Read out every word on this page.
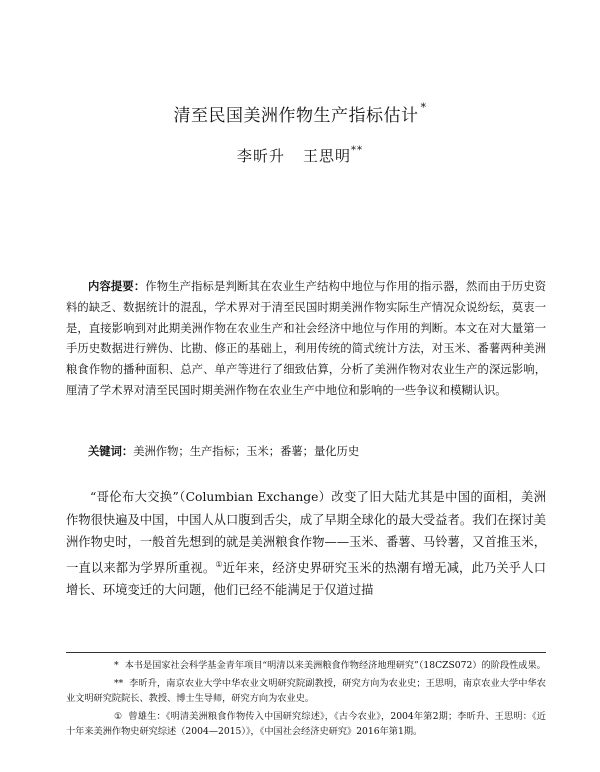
清至民国美洲作物生产指标估计 *
李昕升 王思明**
内容提要：作物生产指标是判断其在农业生产结构中地位与作用的指示器，然而由于历史资料的缺乏、数据统计的混乱，学术界对于清至民国时期美洲作物实际生产情况众说纷纭，莫衷一是，直接影响到对此期美洲作物在农业生产和社会经济中地位与作用的判断。本文在对大量第一手历史数据进行辨伪、比勘、修正的基础上，利用传统的简式统计方法，对玉米、番薯两种美洲粮食作物的播种面积、总产、单产等进行了细致估算，分析了美洲作物对农业生产的深远影响，厘清了学术界对清至民国时期美洲作物在农业生产中地位和影响的一些争议和模糊认识。
关键词：美洲作物；生产指标；玉米；番薯；量化历史
“哥伦布大交换”（Columbian Exchange）改变了旧大陆尤其是中国的面相，美洲作物很快遍及中国，中国人从口腹到舌尖，成了早期全球化的最大受益者。我们在探讨美洲作物史时，一般首先想到的就是美洲粮食作物——玉米、番薯、马铃薯，又首推玉米，一直以来都为学界所重视。①近年来，经济史界研究玉米的热潮有增无减，此乃关乎人口增长、环境变迁的大问题，他们已经不能满足于仅道过描

* 本书是国家社会科学基金青年项目“明清以来美洲粮食作物经济地理研究”（18CZS072）的阶段性成果。

** 李昕升，南京农业大学中华农业文明研究院副教授，研究方向为农业史；王思明，南京农业大学中华农业文明研究院院长、教授、博士生导师，研究方向为农业史。

① 曾雄生：《明清美洲粮食作物传入中国研究综述》，《古今农业》，2004年第2期；李昕升、王思明：《近十年来美洲作物史研究综述（2004—2015）》，《中国社会经济史研究》2016年第1期。
